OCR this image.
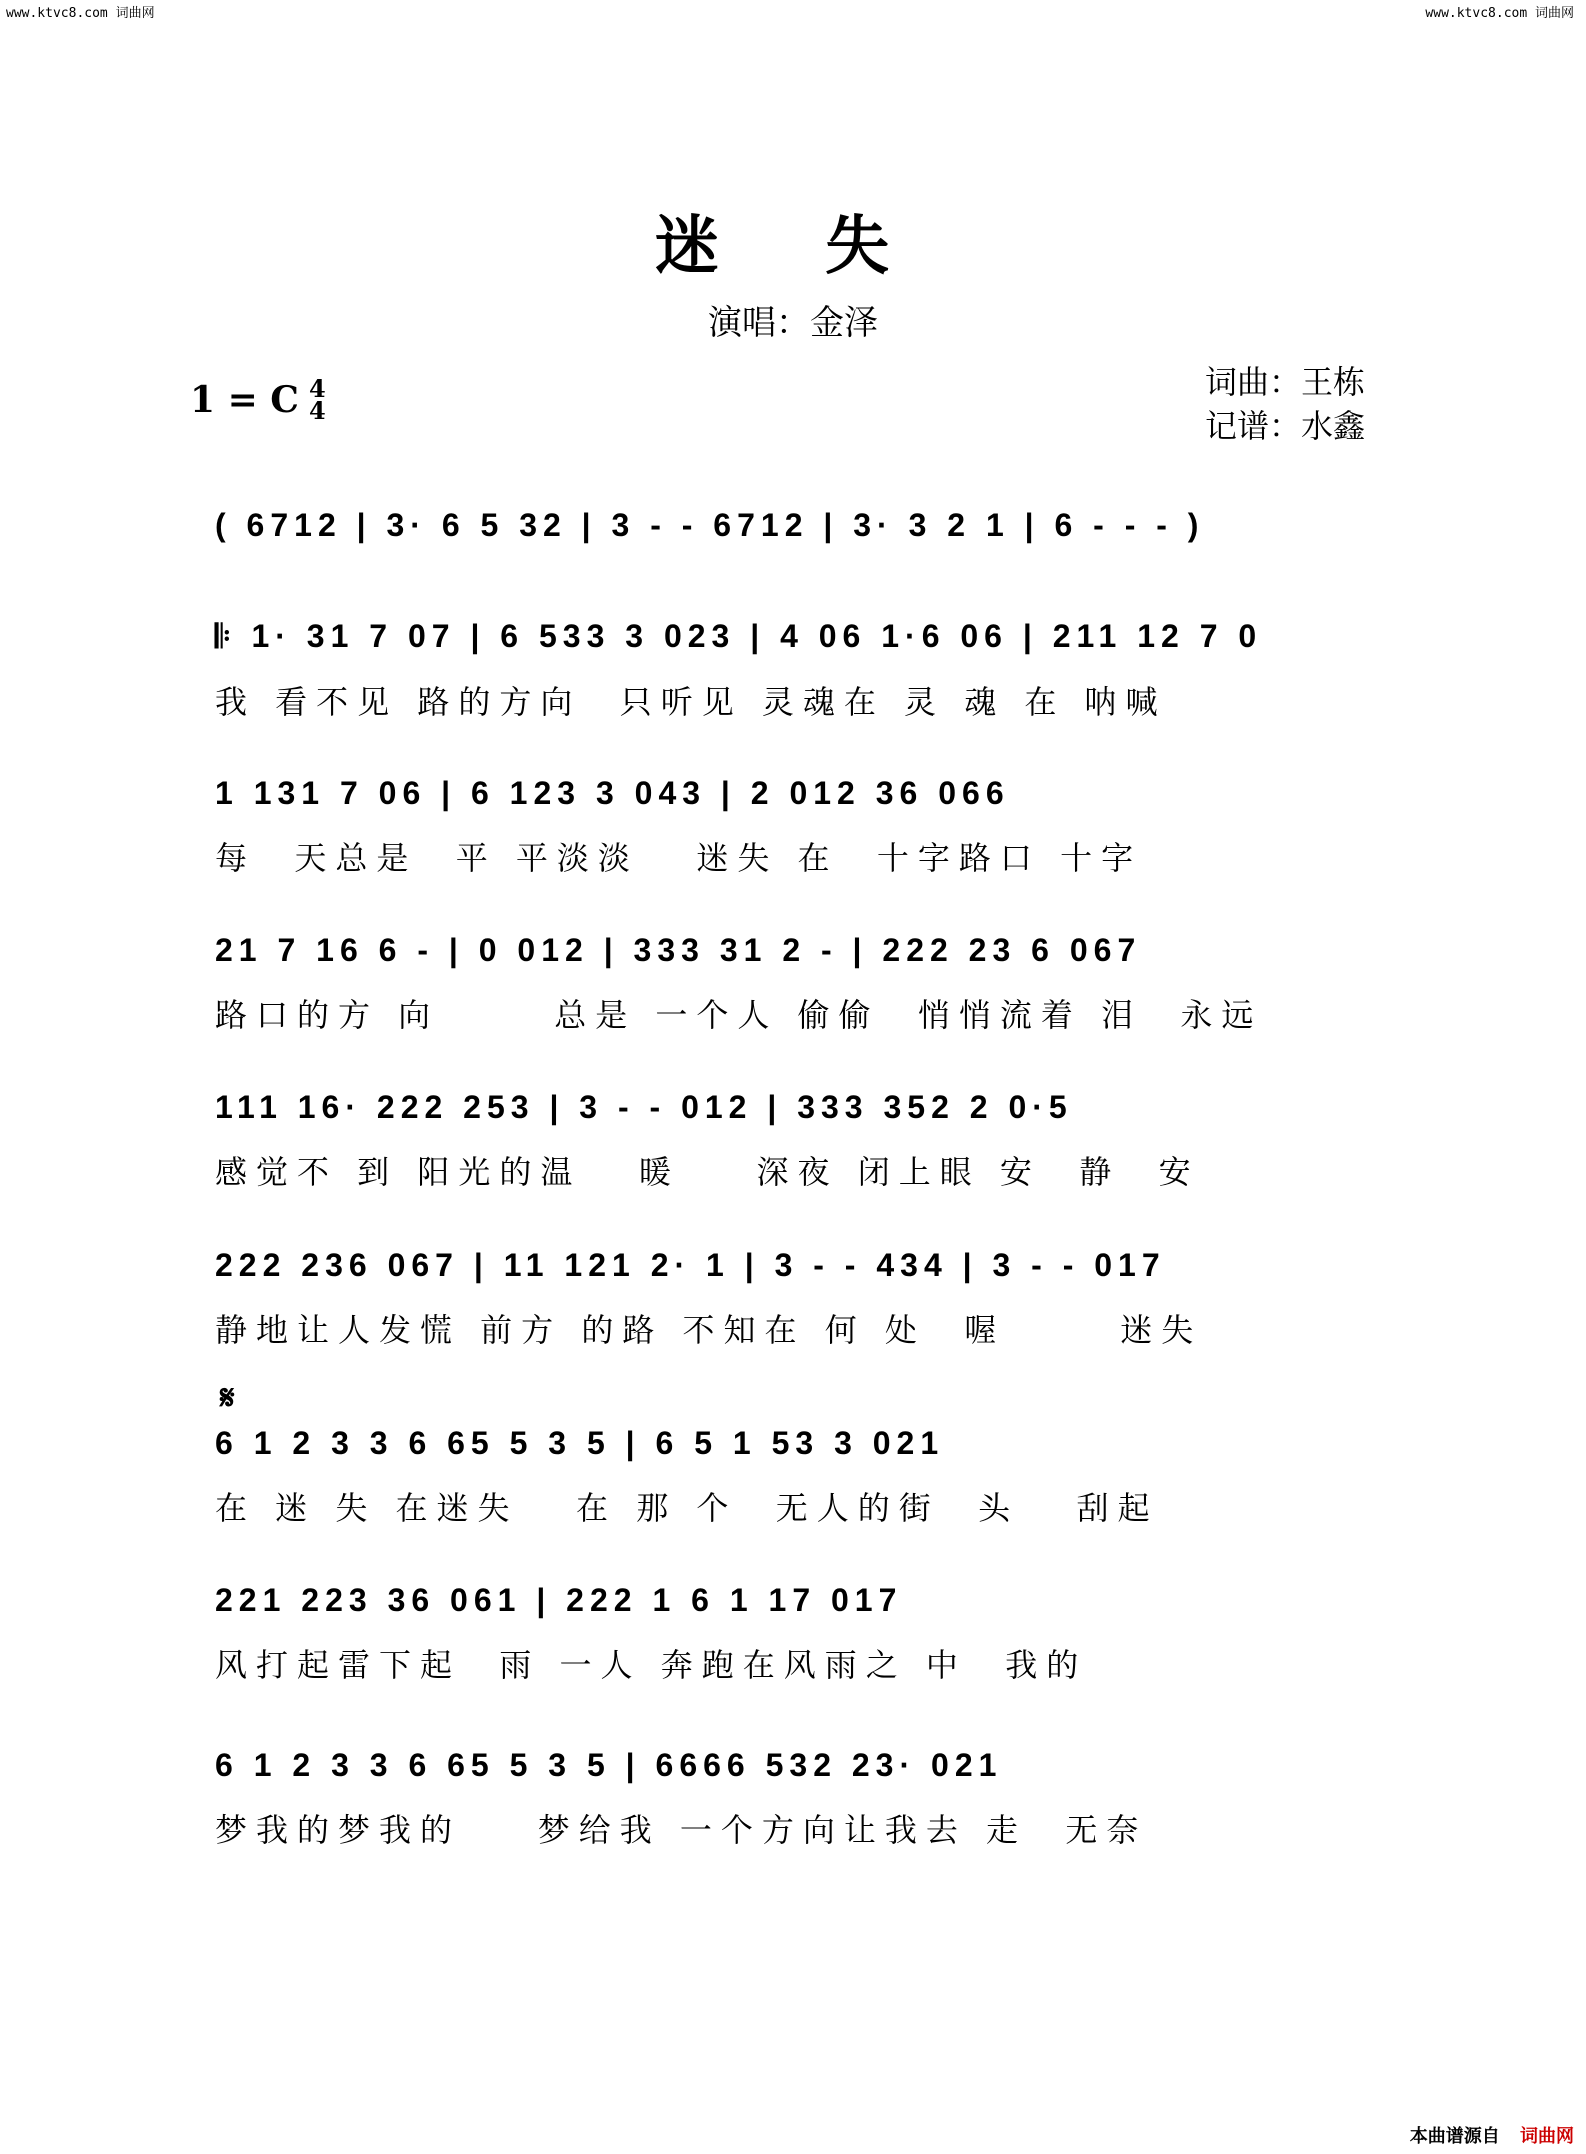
www.ktvc8.com 词曲网	www.ktvc8.com 词曲网
迷 失
演唱：金泽
1 = C 4
4
词曲：王栋
记谱：水鑫
( 6712 | 3· 6 5 32 | 3 - - 6712 | 3· 3 2 1 | 6 - - - )
𝄆 1· 31 7 07 | 6 533 3 023 | 4 06 1·6 06 | 211 12 7 0
我 看不见 路的方向  只听见 灵魂在 灵 魂 在 呐喊
1 131 7 06 | 6 123 3 043 | 2 012 36 066
每  天总是  平 平淡淡   迷失 在  十字路口 十字
21 7 16 6 - | 0 012 | 333 31 2 - | 222 23 6 067
路口的方 向      总是 一个人 偷偷  悄悄流着 泪  永远
111 16· 222 253 | 3 - - 012 | 333 352 2 0·5
感觉不 到 阳光的温   暖    深夜 闭上眼 安  静  安
222 236 067 | 11 121 2· 1 | 3 - - 434 | 3 - - 017
静地让人发慌 前方 的路 不知在 何 处  喔      迷失
𝄋
6 1 2 3 3 6 65 5 3 5 | 6 5 1 53 3 021
在 迷 失 在迷失   在 那 个  无人的街  头   刮起
221 223 36 061 | 222 1 6 1 17 017
风打起雷下起  雨 一人 奔跑在风雨之 中  我的
6 1 2 3 3 6 65 5 3 5 | 6666 532 23· 021
梦我的梦我的    梦给我 一个方向让我去 走  无奈
本曲谱源自 词曲网
